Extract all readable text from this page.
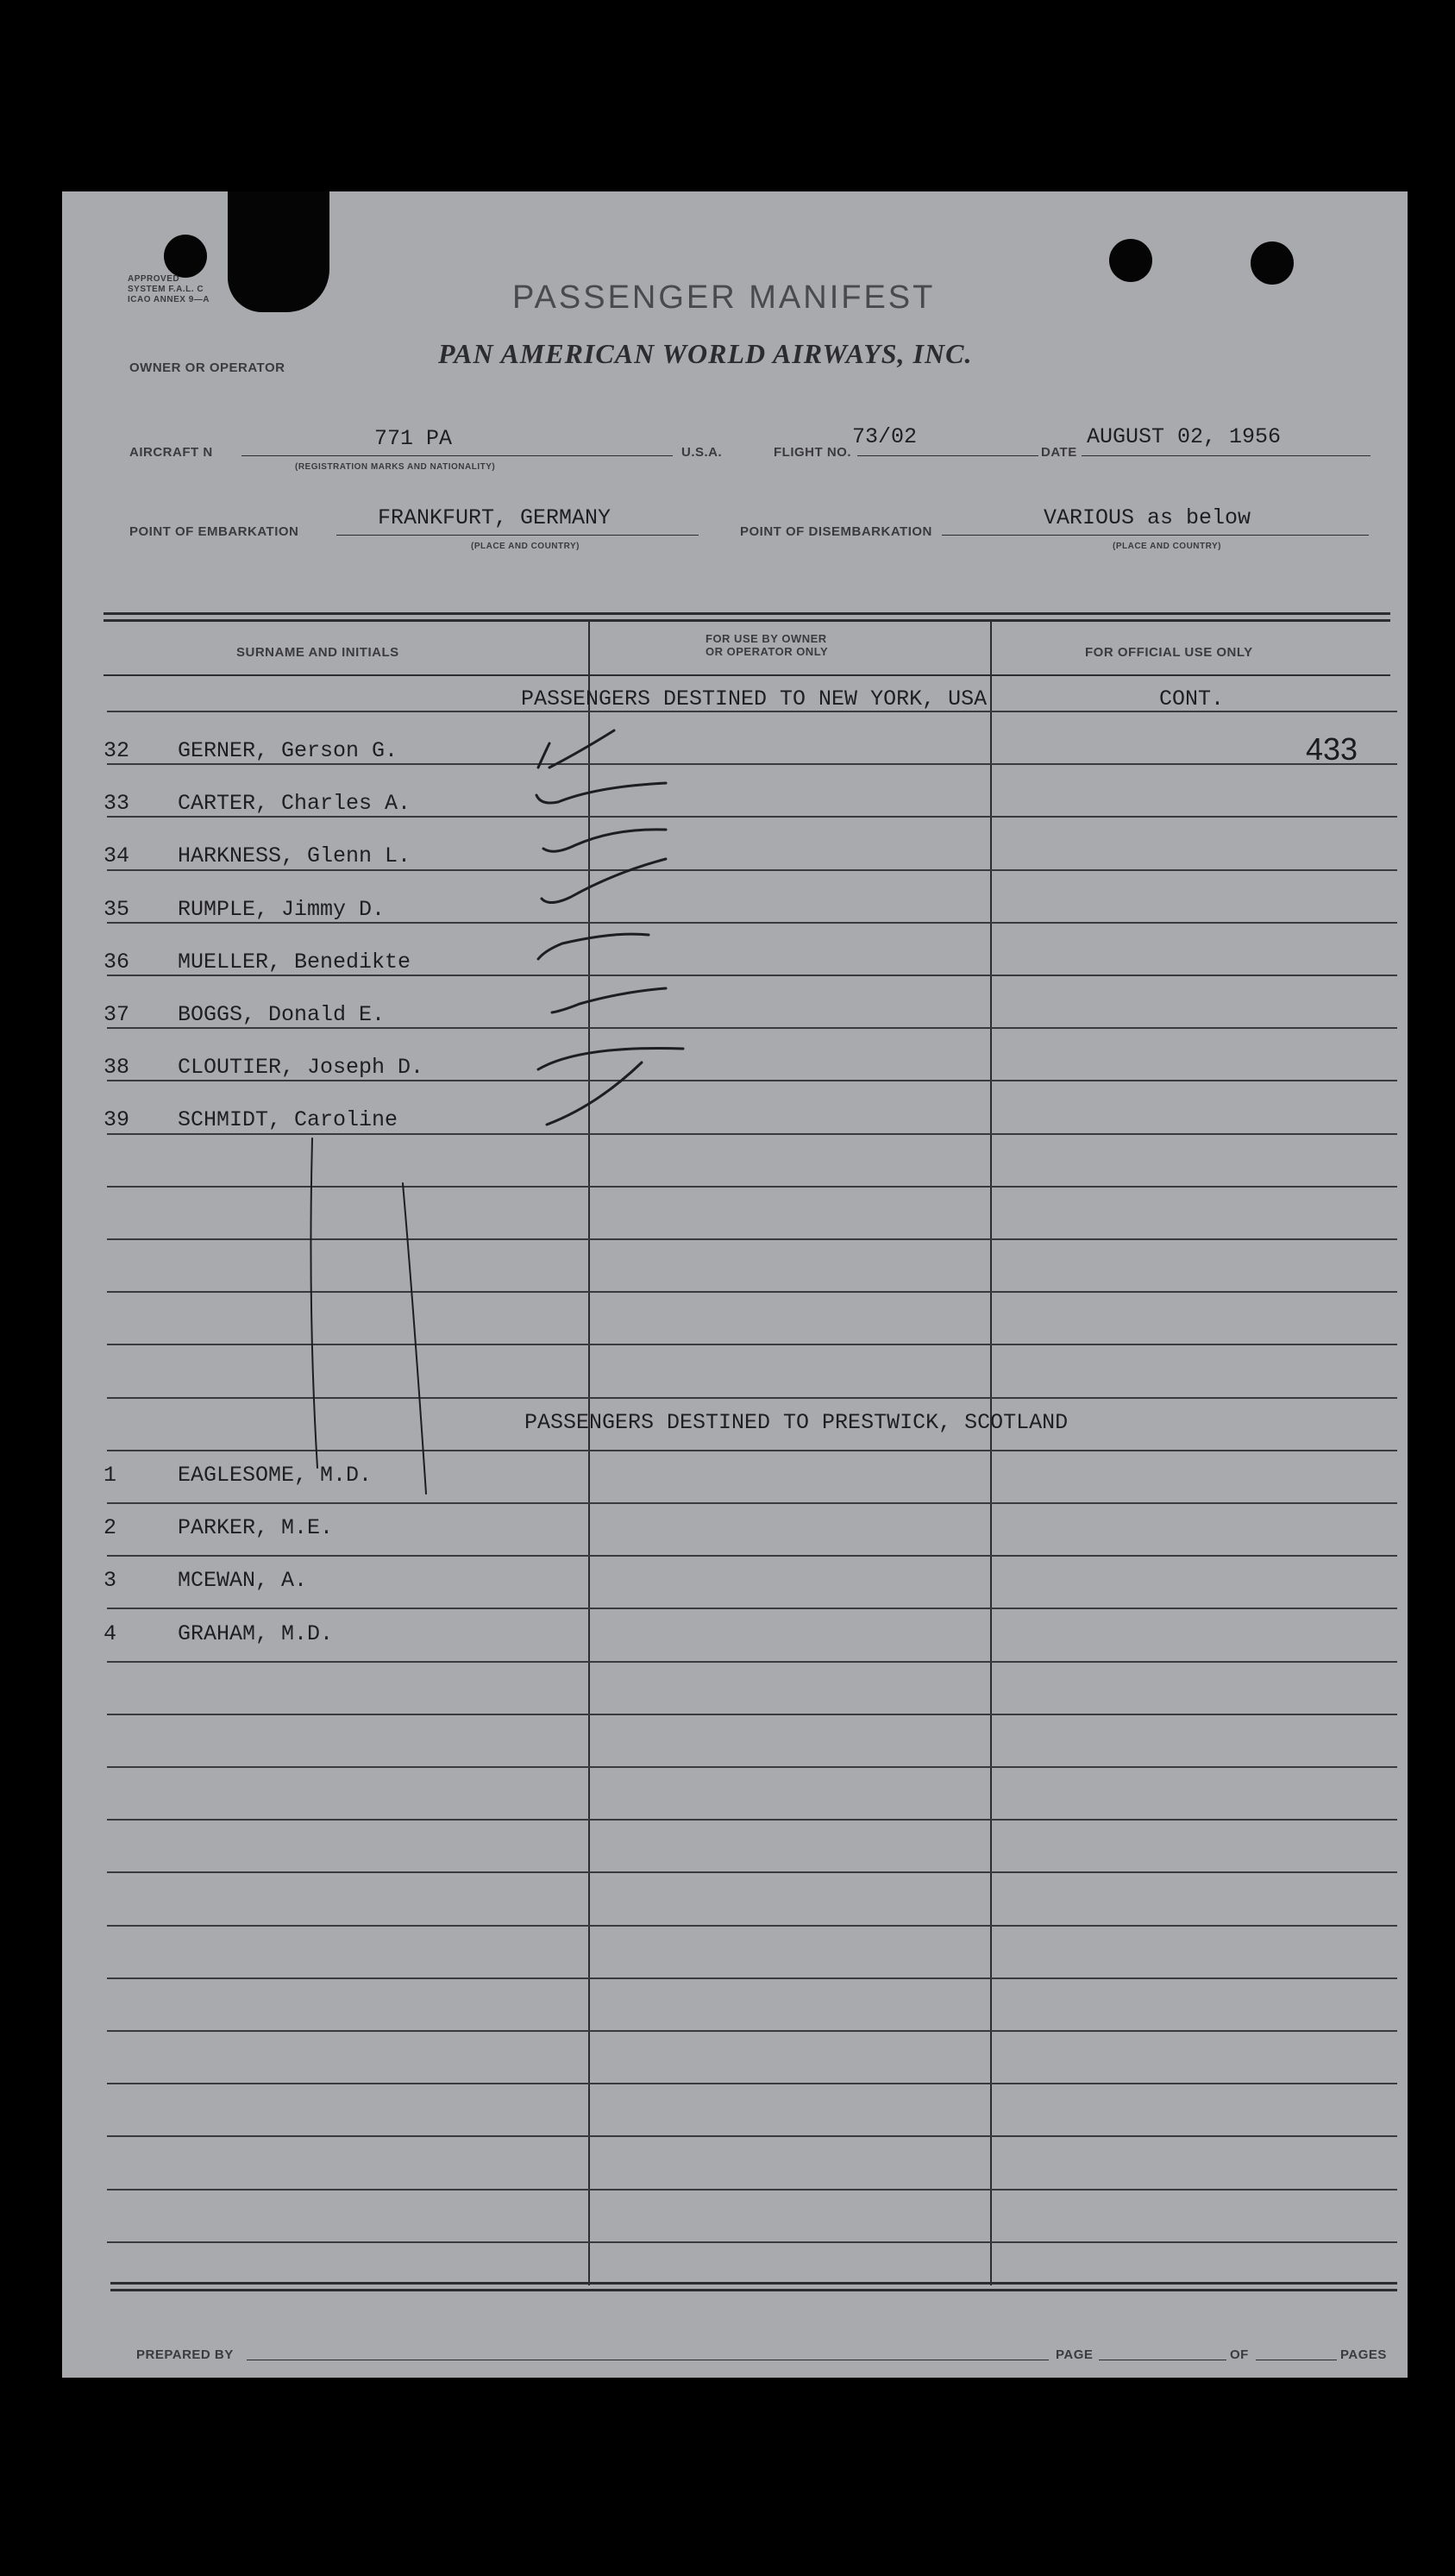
APPROVED
SYSTEM F.A.L. C
ICAO ANNEX 9—A	PASSENGER MANIFEST
OWNER OR OPERATOR	PAN AMERICAN WORLD AIRWAYS, INC.
AIRCRAFT N
771 PA
(REGISTRATION MARKS AND NATIONALITY)
U.S.A.	FLIGHT NO.
73/02
DATE
AUGUST 02, 1956
POINT OF EMBARKATION
FRANKFURT, GERMANY
(PLACE AND COUNTRY)
POINT OF DISEMBARKATION
VARIOUS as below
(PLACE AND COUNTRY)
SURNAME AND INITIALS
FOR USE BY OWNER
OR OPERATOR ONLY	FOR OFFICIAL USE ONLY
PASSENGERS DESTINED TO NEW YORK, USA	CONT.
433
32 GERNER, Gerson G.
33 CARTER, Charles A.
34 HARKNESS, Glenn L.
35 RUMPLE, Jimmy D.
36 MUELLER, Benedikte
37 BOGGS, Donald E.
38 CLOUTIER, Joseph D.
39 SCHMIDT, Caroline
PASSENGERS DESTINED TO PRESTWICK, SCOTLAND
1	EAGLESOME, M.D.
2	PARKER, M.E.
3	MCEWAN, A.
4	GRAHAM, M.D.
PREPARED BY	PAGE	OF	PAGES
